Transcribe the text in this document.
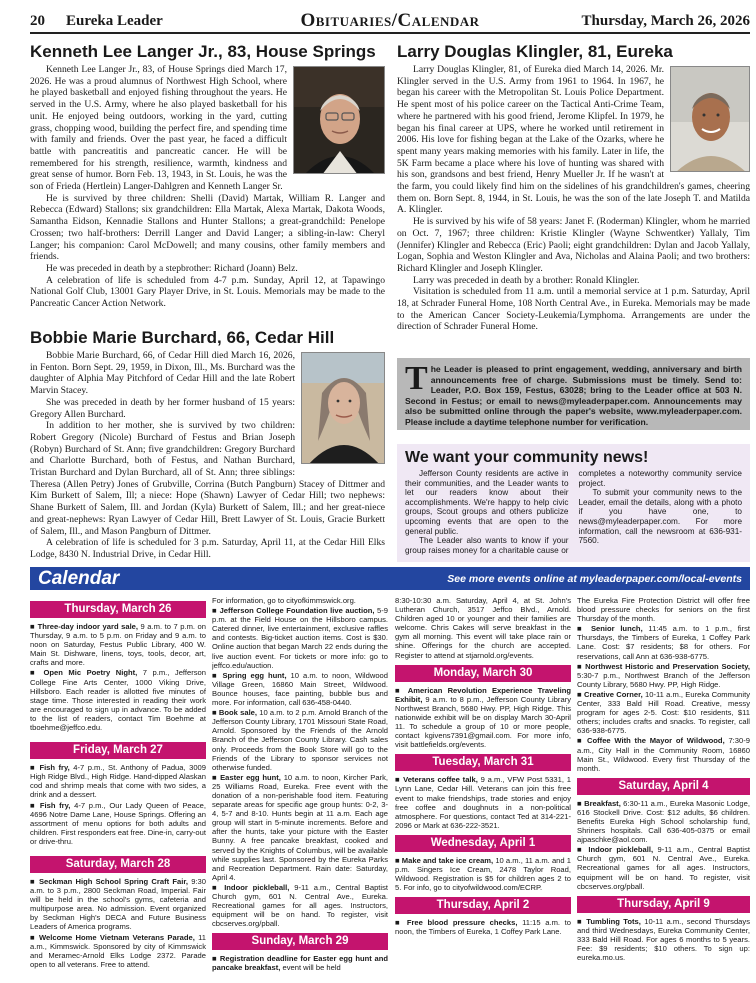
20	Eureka Leader	Obituaries/Calendar	Thursday, March 26, 2026
Kenneth Lee Langer Jr., 83, House Springs

Kenneth Lee Langer Jr., 83, of House Springs died March 17, 2026. He was a proud alumnus of Northwest High School, where he played basketball and enjoyed fishing throughout the years. He served in the U.S. Army, where he also played basketball for his unit. He enjoyed being outdoors, working in the yard, cutting grass, chopping wood, building the perfect fire, and spending time with family and friends. Over the past year, he faced a difficult battle with pancreatitis and pancreatic cancer. He will be remembered for his strength, resilience, warmth, kindness and great sense of humor. Born Feb. 13, 1943, in St. Louis, he was the son of Frieda (Hertlein) Langer-Dahlgren and Kenneth Langer Sr.

He is survived by three children: Shelli (David) Martak, William R. Langer and Rebecca (Edward) Stallons; six grandchildren: Ella Martak, Alexa Martak, Dakota Woods, Samantha Eidson, Kennadie Stallons and Hunter Stallons; a great-grandchild: Penelope Crossen; two half-brothers: Derrill Langer and David Langer; a sibling-in-law: Cheryl Langer; his companion: Carol McDowell; and many cousins, other family members and friends.

He was preceded in death by a stepbrother: Richard (Joann) Belz.

A celebration of life is scheduled from 4-7 p.m. Sunday, April 12, at Tapawingo National Golf Club, 13001 Gary Player Drive, in St. Louis. Memorials may be made to the Pancreatic Cancer Action Network.

Larry Douglas Klingler, 81, Eureka

Larry Douglas Klingler, 81, of Eureka died March 14, 2026. Mr. Klingler served in the U.S. Army from 1961 to 1964. In 1967, he began his career with the Metropolitan St. Louis Police Department. He spent most of his police career on the Tactical Anti-Crime Team, where he partnered with his good friend, Jerome Klipfel. In 1979, he began his final career at UPS, where he worked until retirement in 2006. His love for fishing began at the Lake of the Ozarks, where he spent many years making memories with his family. Later in life, the 5K Farm became a place where his love of hunting was shared with his son, grandsons and best friend, Henry Mueller Jr. If he wasn't at the farm, you could likely find him on the sidelines of his grandchildren's games, cheering them on. Born Sept. 8, 1944, in St. Louis, he was the son of the late Joseph T. and Matilda A. Klingler.

He is survived by his wife of 58 years: Janet F. (Roderman) Klingler, whom he married on Oct. 7, 1967; three children: Kristie Klingler (Wayne Schwentker) Yallaly, Tim (Jennifer) Klingler and Rebecca (Eric) Paoli; eight grandchildren: Dylan and Jacob Yallaly, Logan, Sophia and Weston Klingler and Ava, Nicholas and Alaina Paoli; and two brothers: Richard Klingler and Joseph Klingler.

Larry was preceded in death by a brother: Ronald Klingler.

Visitation is scheduled from 11 a.m. until a memorial service at 1 p.m. Saturday, April 18, at Schrader Funeral Home, 108 North Central Ave., in Eureka. Memorials may be made to the American Cancer Society-Leukemia/Lymphoma. Arrangements are under the direction of Schrader Funeral Home.

Bobbie Marie Burchard, 66, Cedar Hill

Bobbie Marie Burchard, 66, of Cedar Hill died March 16, 2026, in Fenton. Born Sept. 29, 1959, in Dixon, Ill., Ms. Burchard was the daughter of Alphia May Pitchford of Cedar Hill and the late Robert Marvin Stacey.

She was preceded in death by her former husband of 15 years: Gregory Allen Burchard.

In addition to her mother, she is survived by two children: Robert Gregory (Nicole) Burchard of Festus and Brian Joseph (Robyn) Burchard of St. Ann; five grandchildren: Gregory Burchard and Charlotte Burchard, both of Festus, and Nathan Burchard, Tristan Burchard and Dylan Burchard, all of St. Ann; three siblings: Theresa (Allen Petry) Jones of Grubville, Corrina (Butch Pangburn) Stacey of Dittmer and Kim Burkett of Salem, Ill; a niece: Hope (Shawn) Lawyer of Cedar Hill; two nephews: Shane Burkett of Salem, Ill. and Jordan (Kyla) Burkett of Salem, Ill.; and her great-niece and great-nephews: Ryan Lawyer of Cedar Hill, Brett Lawyer of St. Louis, Gracie Burkett of Salem, Ill., and Mason Pangburn of Dittmer.

A celebration of life is scheduled for 3 p.m. Saturday, April 11, at the Cedar Hill Elks Lodge, 8430 N. Industrial Drive, in Cedar Hill.

The Leader is pleased to print engagement, wedding, anniversary and birth announcements free of charge. Submissions must be timely. Send to: Leader, P.O. Box 159, Festus, 63028; bring to the Leader office at 503 N. Second in Festus; or email to news@myleaderpaper.com. Announcements may also be submitted online through the paper's website, www.myleaderpaper.com. Please include a daytime telephone number for verification.
We want your community news!

Jefferson County residents are active in their communities, and the Leader wants to let our readers know about their accomplishments. We're happy to help civic groups, Scout groups and others publicize upcoming events that are open to the general public.

The Leader also wants to know if your group raises money for a charitable cause or completes a noteworthy community service project.

To submit your community news to the Leader, email the details, along with a photo if you have one, to news@myleaderpaper.com. For more information, call the newsroom at 636-931-7560.

Calendar	See more events online at myleaderpaper.com/local-events
Thursday, March 26

■ Three-day indoor yard sale, 9 a.m. to 7 p.m. on Thursday, 9 a.m. to 5 p.m. on Friday and 9 a.m. to noon on Saturday, Festus Public Library, 400 W. Main St. Dishware, linens, toys, tools, decor, art, crafts and more.

■ Open Mic Poetry Night, 7 p.m., Jefferson College Fine Arts Center, 1000 Viking Drive, Hillsboro. Each reader is allotted five minutes of stage time. Those interested in reading their work are encouraged to sign up in advance. To be added to the list of readers, contact Tim Boehme at tboehme@jeffco.edu.

Friday, March 27

■ Fish fry, 4-7 p.m., St. Anthony of Padua, 3009 High Ridge Blvd., High Ridge. Hand-dipped Alaskan cod and shrimp meals that come with two sides, a drink and a dessert.

■ Fish fry, 4-7 p.m., Our Lady Queen of Peace, 4696 Notre Dame Lane, House Springs. Offering an assortment of menu options for both adults and children. First responders eat free. Dine-in, carry-out or drive-thru.

Saturday, March 28

■ Seckman High School Spring Craft Fair, 9:30 a.m. to 3 p.m., 2800 Seckman Road, Imperial. Fair will be held in the school's gyms, cafeteria and multipurpose area. No admission. Event organized by Seckman High's DECA and Future Business Leaders of America programs.

■ Welcome Home Vietnam Veterans Parade, 11 a.m., Kimmswick. Sponsored by city of Kimmswick and Meramec-Arnold Elks Lodge 2372. Parade open to all veterans. Free to attend.

For information, go to cityofkimmswick.org.

■ Jefferson College Foundation live auction, 5-9 p.m. at the Field House on the Hillsboro campus. Catered dinner, live entertainment, exclusive raffles and contests. Big-ticket auction items. Cost is $30. Online auction that began March 22 ends during the live auction event. For tickets or more info: go to jeffco.edu/auction.

■ Spring egg hunt, 10 a.m. to noon, Wildwood Village Green, 16860 Main Street, Wildwood. Bounce houses, face painting, bubble bus and more. For information, call 636-458-0440.

■ Book sale, 10 a.m. to 2 p.m. Arnold Branch of the Jefferson County Library, 1701 Missouri State Road, Arnold. Sponsored by the Friends of the Arnold Branch of the Jefferson County Library. Cash sales only. Proceeds from the Book Store will go to the Friends of the Library to sponsor services not otherwise funded.

■ Easter egg hunt, 10 a.m. to noon, Kircher Park, 25 Williams Road, Eureka. Free event with the donation of a non-perishable food item. Featuring separate areas for specific age group hunts: 0-2, 3-4, 5-7 and 8-10. Hunts begin at 11 a.m. Each age group will start in 5-minute increments. Before and after the hunts, take your picture with the Easter Bunny. A free pancake breakfast, cooked and served by the Knights of Columbus, will be available while supplies last. Sponsored by the Eureka Parks and Recreation Department. Rain date: Saturday, April 4.

■ Indoor pickleball, 9-11 a.m., Central Baptist Church gym, 601 N. Central Ave., Eureka. Recreational games for all ages. Instructors, equipment will be on hand. To register, visit cbcserves.org/pball.

Sunday, March 29

■ Registration deadline for Easter egg hunt and pancake breakfast, event will be held

8:30-10:30 a.m. Saturday, April 4, at St. John's Lutheran Church, 3517 Jeffco Blvd., Arnold. Children aged 10 or younger and their families are welcome. Chris Cakes will serve breakfast in the gym all morning. This event will take place rain or shine. Offerings for the church are accepted. Register to attend at stjarnold.org/events.

Monday, March 30

■ American Revolution Experience Traveling Exhibit, 9 a.m. to 8 p.m., Jefferson County Library Northwest Branch, 5680 Hwy. PP, High Ridge. This nationwide exhibit will be on display March 30-April 11. To schedule a group of 10 or more people, contact kgivens7391@gmail.com. For more info, visit battlefields.org/events.

Tuesday, March 31

■ Veterans coffee talk, 9 a.m., VFW Post 5331, 1 Lynn Lane, Cedar Hill. Veterans can join this free event to make friendships, trade stories and enjoy free coffee and doughnuts in a non-political atmosphere. For questions, contact Ted at 314-221-2096 or Mark at 636-222-3521.

Wednesday, April 1

■ Make and take ice cream, 10 a.m., 11 a.m. and 1 p.m. Singers Ice Cream, 2478 Taylor Road, Wildwood. Registration is $5 for children ages 2 to 5. For info, go to cityofwildwood.com/ECRP.

Thursday, April 2

■ Free blood pressure checks, 11:15 a.m. to noon, the Timbers of Eureka, 1 Coffey Park Lane.

The Eureka Fire Protection District will offer free blood pressure checks for seniors on the first Thursday of the month.

■ Senior lunch, 11:45 a.m. to 1 p.m., first Thursdays, the Timbers of Eureka, 1 Coffey Park Lane. Cost: $7 residents; $8 for others. For reservations, call Ann at 636-938-6775.

■ Northwest Historic and Preservation Society, 5:30-7 p.m., Northwest Branch of the Jefferson County Library, 5680 Hwy. PP, High Ridge.

■ Creative Corner, 10-11 a.m., Eureka Community Center, 333 Bald Hill Road. Creative, messy program for ages 2-5. Cost: $10 residents, $11 others; includes crafts and snacks. To register, call 636-938-6775.

■ Coffee With the Mayor of Wildwood, 7:30-9 a.m., City Hall in the Community Room, 16860 Main St., Wildwood. Every first Thursday of the month.

Saturday, April 4

■ Breakfast, 6:30-11 a.m., Eureka Masonic Lodge, 616 Stockell Drive. Cost: $12 adults, $6 children. Benefits Eureka High School scholarship fund, Shriners hospitals. Call 636-405-0375 or email ajpaschke@aol.com.

■ Indoor pickleball, 9-11 a.m., Central Baptist Church gym, 601 N. Central Ave., Eureka. Recreational games for all ages. Instructors, equipment will be on hand. To register, visit cbcserves.org/pball.

Thursday, April 9

■ Tumbling Tots, 10-11 a.m., second Thursdays and third Wednesdays, Eureka Community Center, 333 Bald Hill Road. For ages 6 months to 5 years. Fee: $9 residents; $10 others. To sign up: eureka.mo.us.
